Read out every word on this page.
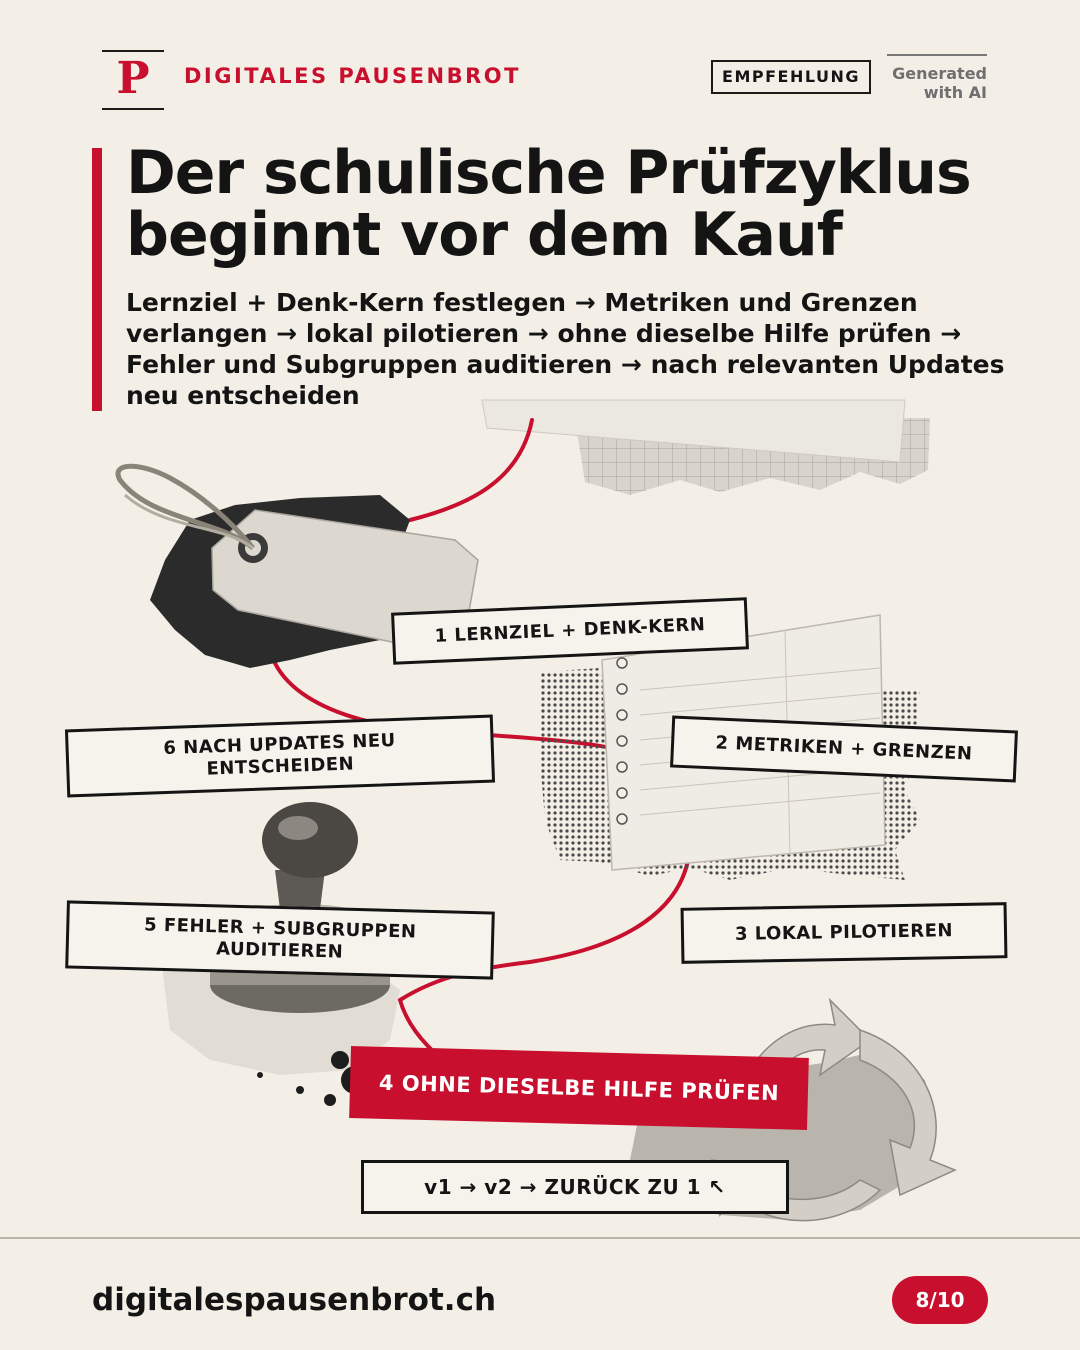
P	DIGITALES PAUSENBROT	EMPFEHLUNG	Generated
with AI
Der schulische Prüfzyklus
beginnt vor dem Kauf
Lernziel + Denk-Kern festlegen → Metriken und Grenzen verlangen → lokal pilotieren → ohne dieselbe Hilfe prüfen → Fehler und Subgruppen auditieren → nach relevanten Updates neu entscheiden
1 LERNZIEL + DENK-KERN
2 METRIKEN + GRENZEN
3 LOKAL PILOTIEREN
4 OHNE DIESELBE HILFE PRÜFEN
5 FEHLER + SUBGRUPPEN AUDITIEREN
6 NACH UPDATES NEU ENTSCHEIDEN
v1 → v2 → ZURÜCK ZU 1 ↖
digitalespausenbrot.ch	8/10
